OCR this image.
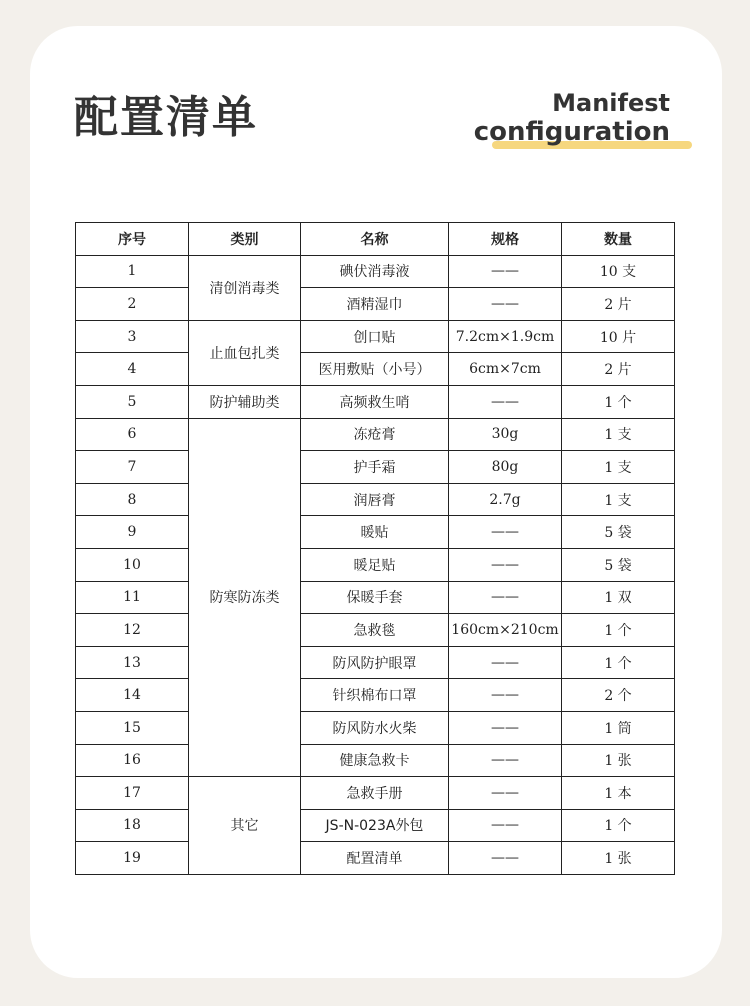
配置清单	Manifest
configuration
序号	类别	名称	规格	数量
1	清创消毒类	碘伏消毒液	——	10 支
2		酒精湿巾	——	2 片
3	止血包扎类	创口贴	7.2cm×1.9cm	10 片
4		医用敷贴（小号）	6cm×7cm	2 片
5	防护辅助类	高频救生哨	——	1 个
6	防寒防冻类	冻疮膏	30g	1 支
7		护手霜	80g	1 支
8		润唇膏	2.7g	1 支
9		暖贴	——	5 袋
10		暖足贴	——	5 袋
11		保暖手套	——	1 双
12		急救毯	160cm×210cm	1 个
13		防风防护眼罩	——	1 个
14		针织棉布口罩	——	2 个
15		防风防水火柴	——	1 筒
16		健康急救卡	——	1 张
17	其它	急救手册	——	1 本
18		JS-N-023A外包	——	1 个
19		配置清单	——	1 张
